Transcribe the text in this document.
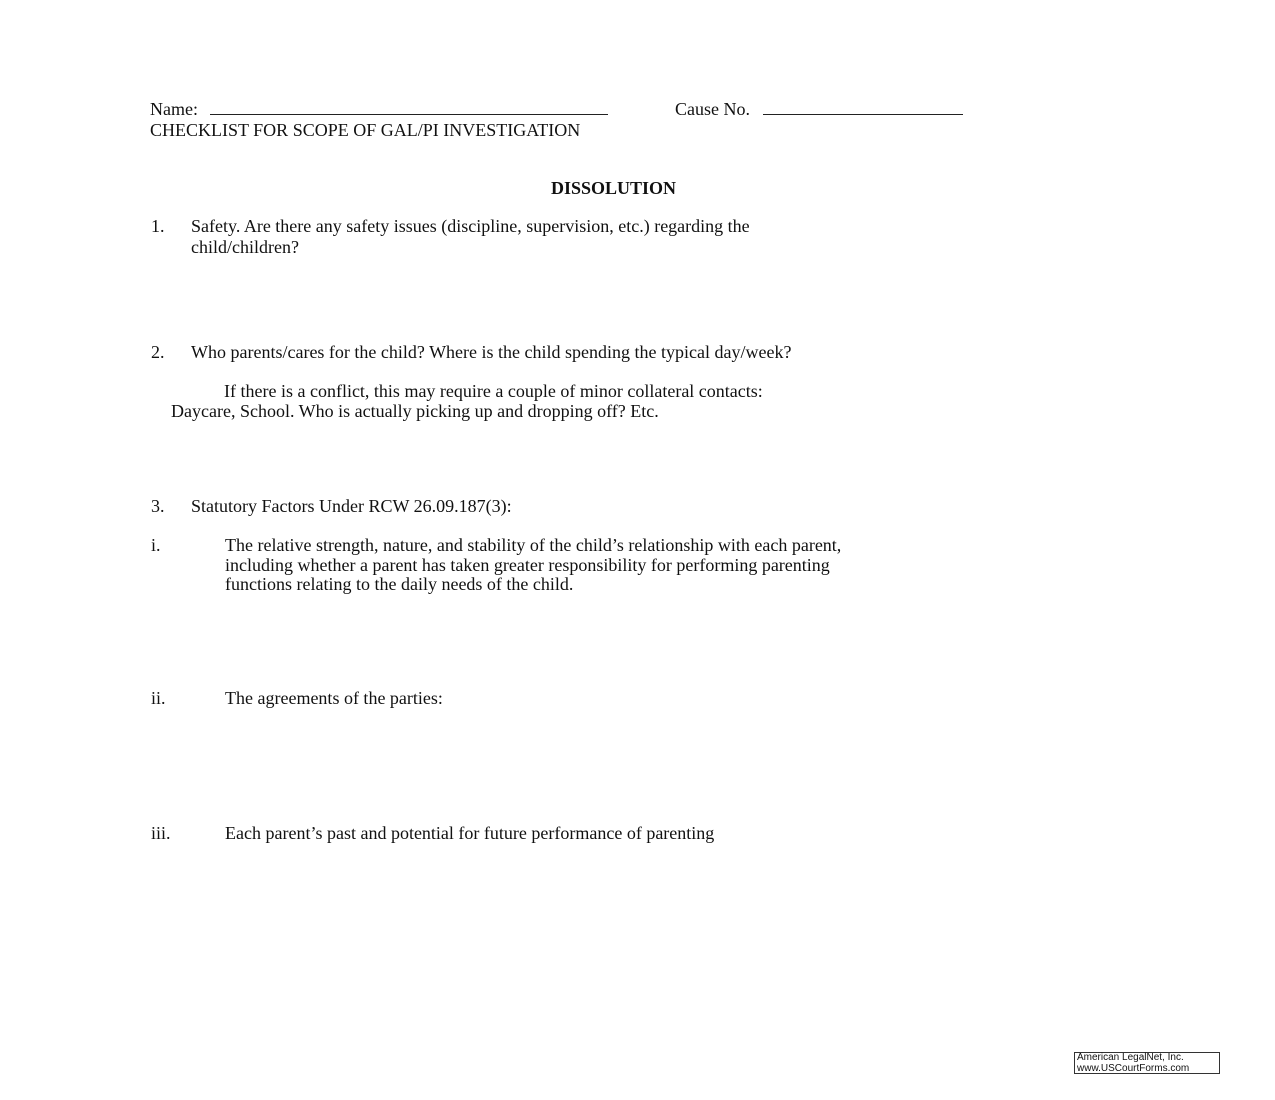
Name:	Cause No.
CHECKLIST FOR SCOPE OF GAL/PI INVESTIGATION
DISSOLUTION
1. Safety. Are there any safety issues (discipline, supervision, etc.) regarding the
child/children?
2. Who parents/cares for the child? Where is the child spending the typical day/week?
If there is a conflict, this may require a couple of minor collateral contacts:
Daycare, School. Who is actually picking up and dropping off? Etc.
3. Statutory Factors Under RCW 26.09.187(3):
i.	The relative strength, nature, and stability of the child’s relationship with each parent,
including whether a parent has taken greater responsibility for performing parenting
functions relating to the daily needs of the child.
ii.	The agreements of the parties:
iii.	Each parent’s past and potential for future performance of parenting
American LegalNet, Inc.
www.USCourtForms.com
